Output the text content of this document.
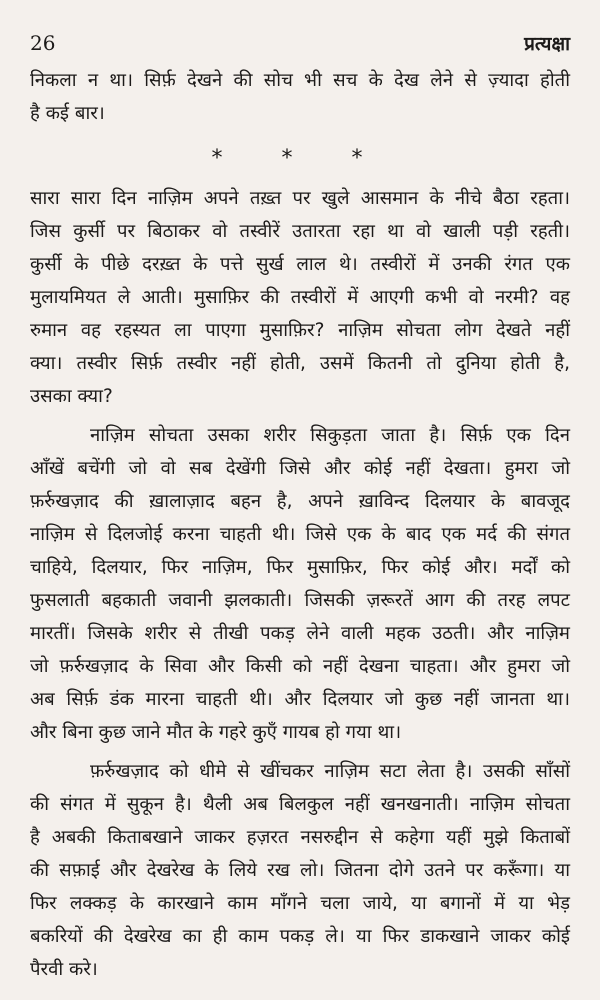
26	प्रत्यक्षा
निकला न था। सिर्फ़ देखने की सोच भी सच के देख लेने से ज़्यादा होती
है कई बार।
* * *
सारा सारा दिन नाज़िम अपने तख़्त पर खुले आसमान के नीचे बैठा रहता।
जिस कुर्सी पर बिठाकर वो तस्वीरें उतारता रहा था वो खाली पड़ी रहती।
कुर्सी के पीछे दरख़्त के पत्ते सुर्ख लाल थे। तस्वीरों में उनकी रंगत एक
मुलायमियत ले आती। मुसाफ़िर की तस्वीरों में आएगी कभी वो नरमी? वह
रुमान वह रहस्यत ला पाएगा मुसाफ़िर? नाज़िम सोचता लोग देखते नहीं
क्या। तस्वीर सिर्फ़ तस्वीर नहीं होती, उसमें कितनी तो दुनिया होती है,
उसका क्या?
नाज़िम सोचता उसका शरीर सिकुड़ता जाता है। सिर्फ़ एक दिन
आँखें बचेंगी जो वो सब देखेंगी जिसे और कोई नहीं देखता। हुमरा जो
फ़र्रुखज़ाद की ख़ालाज़ाद बहन है, अपने ख़ाविन्द दिलयार के बावजूद
नाज़िम से दिलजोई करना चाहती थी। जिसे एक के बाद एक मर्द की संगत
चाहिये, दिलयार, फिर नाज़िम, फिर मुसाफ़िर, फिर कोई और। मर्दों को
फुसलाती बहकाती जवानी झलकाती। जिसकी ज़रूरतें आग की तरह लपट
मारतीं। जिसके शरीर से तीखी पकड़ लेने वाली महक उठती। और नाज़िम
जो फ़र्रुखज़ाद के सिवा और किसी को नहीं देखना चाहता। और हुमरा जो
अब सिर्फ़ डंक मारना चाहती थी। और दिलयार जो कुछ नहीं जानता था।
और बिना कुछ जाने मौत के गहरे कुएँ गायब हो गया था।
फ़र्रुखज़ाद को धीमे से खींचकर नाज़िम सटा लेता है। उसकी साँसों
की संगत में सुकून है। थैली अब बिलकुल नहीं खनखनाती। नाज़िम सोचता
है अबकी किताबखाने जाकर हज़रत नसरुद्दीन से कहेगा यहीं मुझे किताबों
की सफ़ाई और देखरेख के लिये रख लो। जितना दोगे उतने पर करूँगा। या
फिर लक्कड़ के कारखाने काम माँगने चला जाये, या बगानों में या भेड़
बकरियों की देखरेख का ही काम पकड़ ले। या फिर डाकखाने जाकर कोई
पैरवी करे।
